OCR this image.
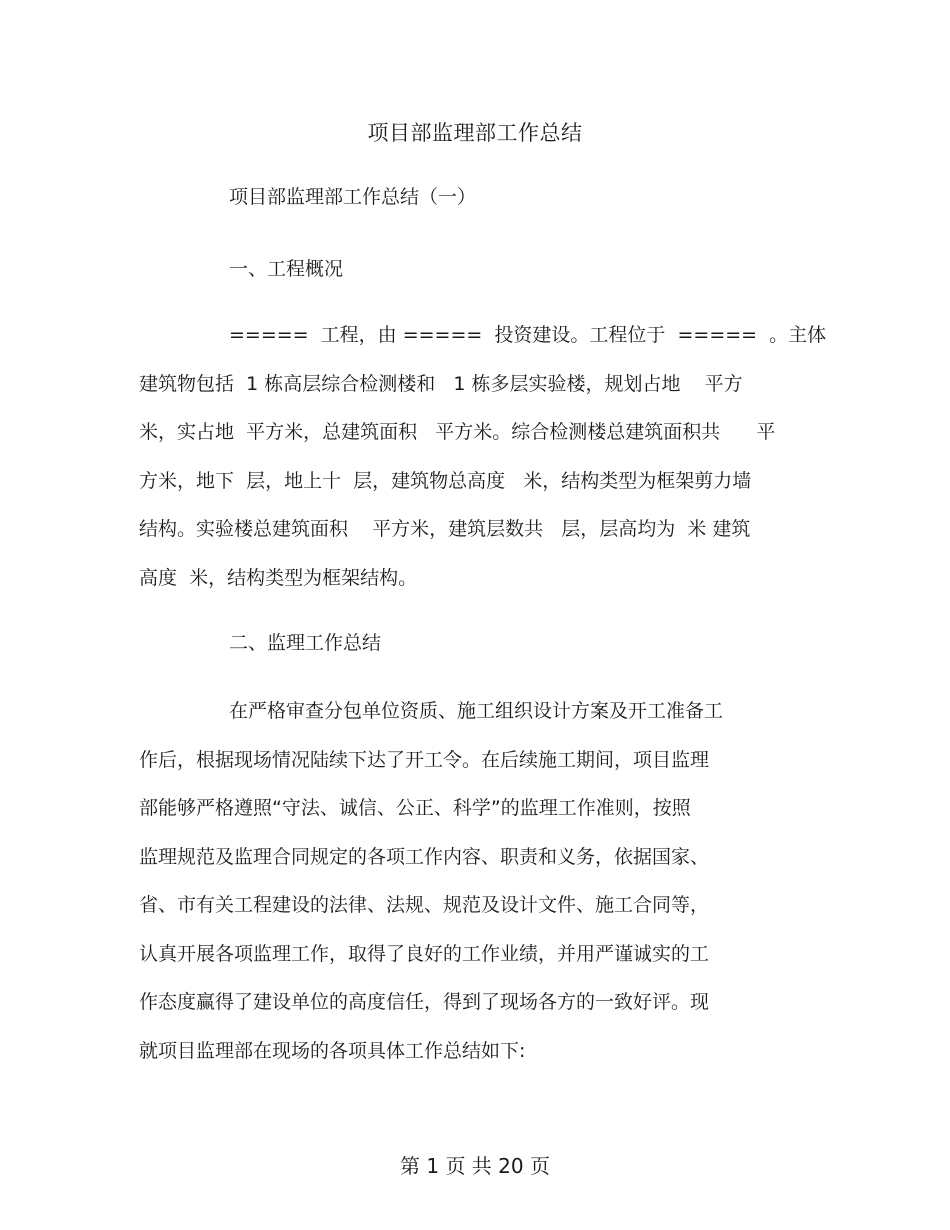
项目部监理部工作总结
项目部监理部工作总结（一）
一、工程概况
=====  工程，由 =====  投资建设。工程位于  =====  。主体
建筑物包括  1 栋高层综合检测楼和   1 栋多层实验楼，规划占地    平方
米，实占地  平方米，总建筑面积   平方米。综合检测楼总建筑面积共      平
方米，地下  层，地上十  层，建筑物总高度   米，结构类型为框架剪力墙
结构。实验楼总建筑面积    平方米，建筑层数共   层，层高均为  米 建筑
高度  米，结构类型为框架结构。
二、监理工作总结
在严格审查分包单位资质、施工组织设计方案及开工准备工
作后，根据现场情况陆续下达了开工令。在后续施工期间，项目监理
部能够严格遵照“守法、诚信、公正、科学”的监理工作准则，按照
监理规范及监理合同规定的各项工作内容、职责和义务，依据国家、
省、市有关工程建设的法律、法规、规范及设计文件、施工合同等，
认真开展各项监理工作，取得了良好的工作业绩，并用严谨诚实的工
作态度赢得了建设单位的高度信任，得到了现场各方的一致好评。现
就项目监理部在现场的各项具体工作总结如下:
第 1 页 共 20 页
